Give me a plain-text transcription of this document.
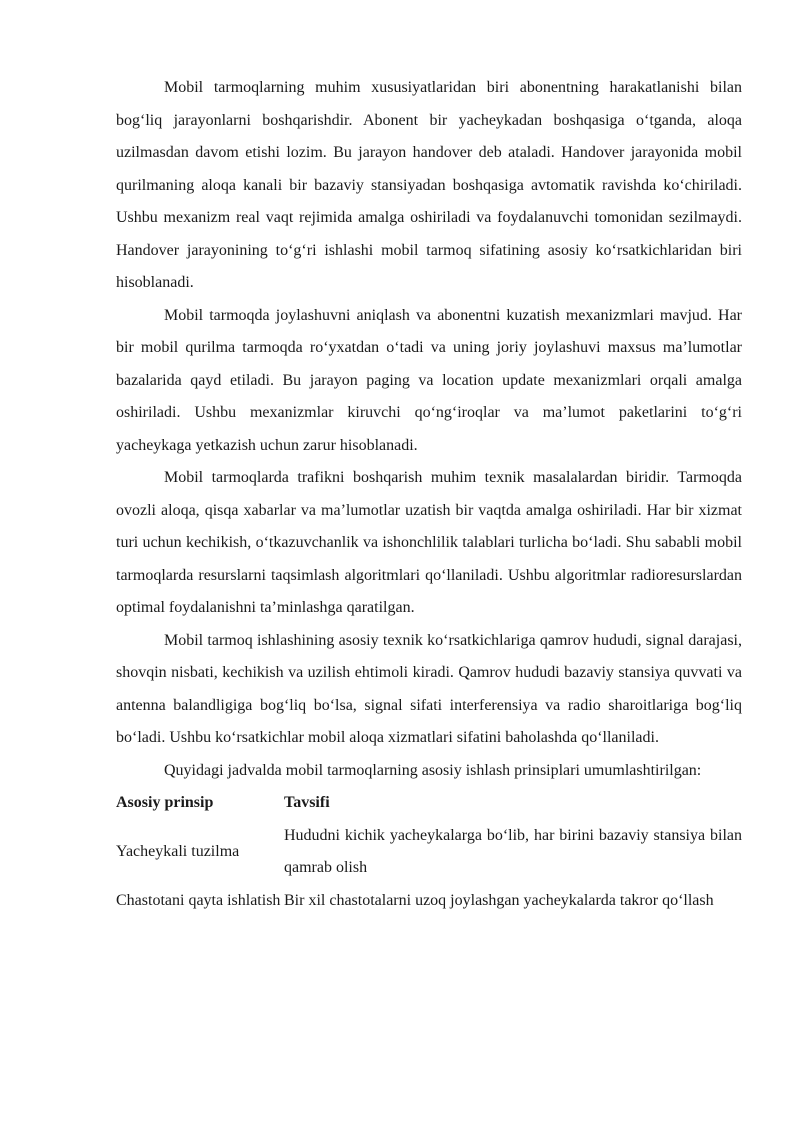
Mobil tarmoqlarning muhim xususiyatlaridan biri abonentning harakatlanishi bilan bog‘liq jarayonlarni boshqarishdir. Abonent bir yacheykadan boshqasiga o‘tganda, aloqa uzilmasdan davom etishi lozim. Bu jarayon handover deb ataladi. Handover jarayonida mobil qurilmaning aloqa kanali bir bazaviy stansiyadan boshqasiga avtomatik ravishda ko‘chiriladi. Ushbu mexanizm real vaqt rejimida amalga oshiriladi va foydalanuvchi tomonidan sezilmaydi. Handover jarayonining to‘g‘ri ishlashi mobil tarmoq sifatining asosiy ko‘rsatkichlaridan biri hisoblanadi.

Mobil tarmoqda joylashuvni aniqlash va abonentni kuzatish mexanizmlari mavjud. Har bir mobil qurilma tarmoqda ro‘yxatdan o‘tadi va uning joriy joylashuvi maxsus ma’lumotlar bazalarida qayd etiladi. Bu jarayon paging va location update mexanizmlari orqali amalga oshiriladi. Ushbu mexanizmlar kiruvchi qo‘ng‘iroqlar va ma’lumot paketlarini to‘g‘ri yacheykaga yetkazish uchun zarur hisoblanadi.

Mobil tarmoqlarda trafikni boshqarish muhim texnik masalalardan biridir. Tarmoqda ovozli aloqa, qisqa xabarlar va ma’lumotlar uzatish bir vaqtda amalga oshiriladi. Har bir xizmat turi uchun kechikish, o‘tkazuvchanlik va ishonchlilik talablari turlicha bo‘ladi. Shu sababli mobil tarmoqlarda resurslarni taqsimlash algoritmlari qo‘llaniladi. Ushbu algoritmlar radioresurslardan optimal foydalanishni ta’minlashga qaratilgan.

Mobil tarmoq ishlashining asosiy texnik ko‘rsatkichlariga qamrov hududi, signal darajasi, shovqin nisbati, kechikish va uzilish ehtimoli kiradi. Qamrov hududi bazaviy stansiya quvvati va antenna balandligiga bog‘liq bo‘lsa, signal sifati interferensiya va radio sharoitlariga bog‘liq bo‘ladi. Ushbu ko‘rsatkichlar mobil aloqa xizmatlari sifatini baholashda qo‘llaniladi.

Quyidagi jadvalda mobil tarmoqlarning asosiy ishlash prinsiplari umumlashtirilgan:

Asosiy prinsip	Tavsifi
Yacheykali tuzilma	Hududni kichik yacheykalarga bo‘lib, har birini bazaviy stansiya bilan qamrab olish
Chastotani qayta ishlatish	Bir xil chastotalarni uzoq joylashgan yacheykalarda takror qo‘llash
